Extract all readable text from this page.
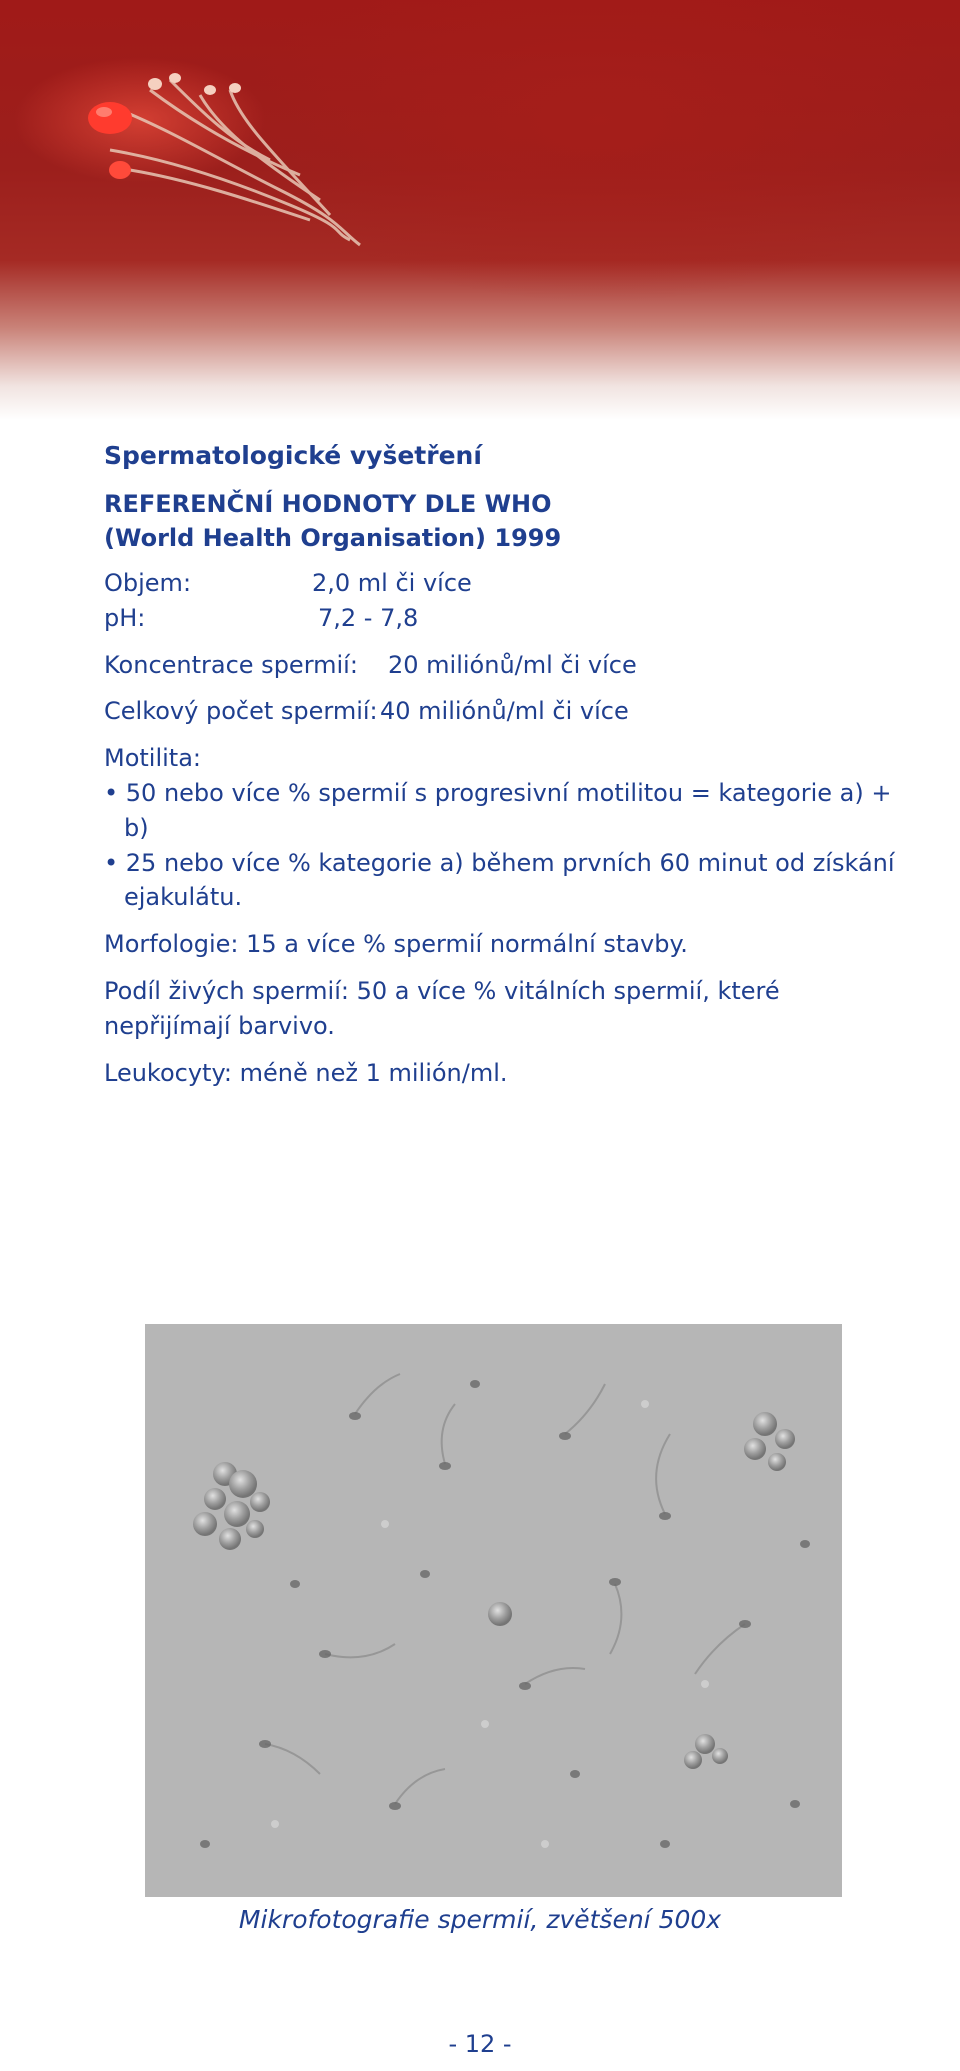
Spermatologické vyšetření
REFERENČNÍ HODNOTY DLE WHO
(World Health Organisation) 1999
Objem:	2,0 ml či více
pH:	7,2 - 7,8
Koncentrace spermií:	20 miliónů/ml či více
Celkový počet spermií: 40 miliónů/ml či více

Motilita:

• 50 nebo více % spermií s progresivní motilitou = kategorie a) + b)
• 25 nebo více % kategorie a) během prvních 60 minut od získání ejakulátu.

Morfologie: 15 a více % spermií normální stavby.

Podíl živých spermií: 50 a více % vitálních spermií, které nepřijímají barvivo.

Leukocyty: méně než 1 milión/ml.

Mikrofotografie spermií, zvětšení 500x
- 12 -
